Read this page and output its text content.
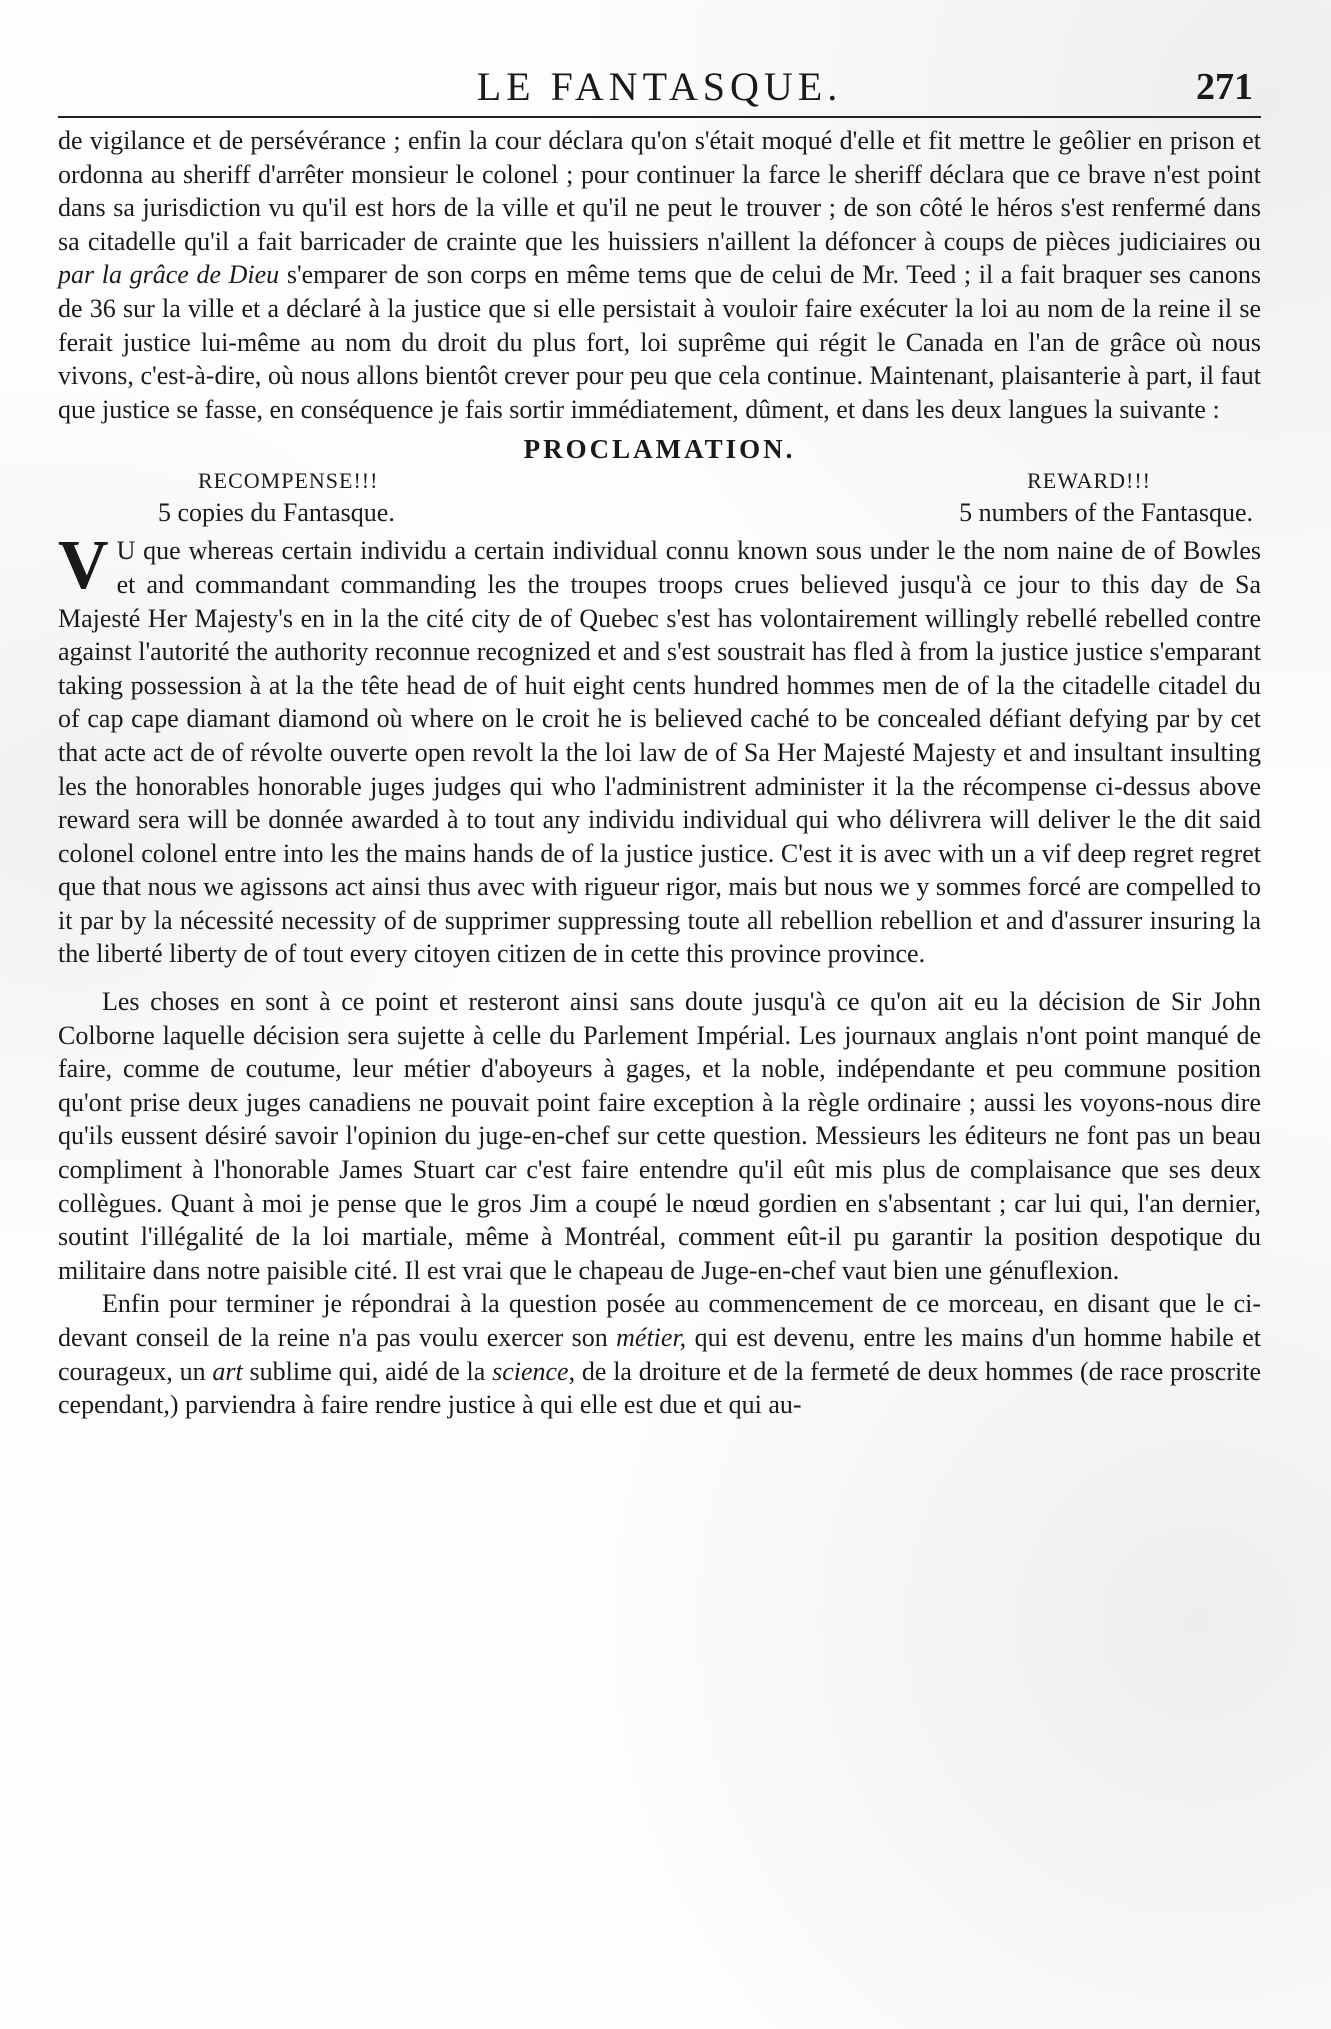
LE FANTASQUE.	271

de vigilance et de persévérance ; enfin la cour déclara qu'on s'était moqué d'elle et fit mettre le geôlier en prison et ordonna au sheriff d'arrêter monsieur le colonel ; pour continuer la farce le sheriff déclara que ce brave n'est point dans sa jurisdiction vu qu'il est hors de la ville et qu'il ne peut le trouver ; de son côté le héros s'est renfermé dans sa citadelle qu'il a fait barricader de crainte que les huissiers n'aillent la défoncer à coups de pièces judiciaires ou par la grâce de Dieu s'emparer de son corps en même tems que de celui de Mr. Teed ; il a fait braquer ses canons de 36 sur la ville et a déclaré à la justice que si elle persistait à vouloir faire exécuter la loi au nom de la reine il se ferait justice lui-même au nom du droit du plus fort, loi suprême qui régit le Canada en l'an de grâce où nous vivons, c'est-à-dire, où nous allons bientôt crever pour peu que cela continue. Maintenant, plaisanterie à part, il faut que justice se fasse, en conséquence je fais sortir immédiatement, dûment, et dans les deux langues la suivante :

PROCLAMATION.
RECOMPENSE!!!	REWARD!!!
5 copies du Fantasque.	5 numbers of the Fantasque.

V U que whereas certain individu a certain individual connu known sous under le the nom naine de of Bowles et and commandant commanding les the troupes troops crues believed jusqu'à ce jour to this day de Sa Majesté Her Majesty's en in la the cité city de of Quebec s'est has volontairement willingly rebellé rebelled contre against l'autorité the authority reconnue recognized et and s'est soustrait has fled à from la justice justice s'emparant taking possession à at la the tête head de of huit eight cents hundred hommes men de of la the citadelle citadel du of cap cape diamant diamond où where on le croit he is believed caché to be concealed défiant defying par by cet that acte act de of révolte ouverte open revolt la the loi law de of Sa Her Majesté Majesty et and insultant insulting les the honorables honorable juges judges qui who l'administrent administer it la the récompense ci-dessus above reward sera will be donnée awarded à to tout any individu individual qui who délivrera will deliver le the dit said colonel colonel entre into les the mains hands de of la justice justice. C'est it is avec with un a vif deep regret regret que that nous we agissons act ainsi thus avec with rigueur rigor, mais but nous we y sommes forcé are compelled to it par by la nécessité necessity of de supprimer suppressing toute all rebellion rebellion et and d'assurer insuring la the liberté liberty de of tout every citoyen citizen de in cette this province province.

Les choses en sont à ce point et resteront ainsi sans doute jusqu'à ce qu'on ait eu la décision de Sir John Colborne laquelle décision sera sujette à celle du Parlement Impérial. Les journaux anglais n'ont point manqué de faire, comme de coutume, leur métier d'aboyeurs à gages, et la noble, indépendante et peu commune position qu'ont prise deux juges canadiens ne pouvait point faire exception à la règle ordinaire ; aussi les voyons-nous dire qu'ils eussent désiré savoir l'opinion du juge-en-chef sur cette question. Messieurs les éditeurs ne font pas un beau compliment à l'honorable James Stuart car c'est faire entendre qu'il eût mis plus de complaisance que ses deux collègues. Quant à moi je pense que le gros Jim a coupé le nœud gordien en s'absentant ; car lui qui, l'an dernier, soutint l'illégalité de la loi martiale, même à Montréal, comment eût-il pu garantir la position despotique du militaire dans notre paisible cité. Il est vrai que le chapeau de Juge-en-chef vaut bien une génuflexion.

Enfin pour terminer je répondrai à la question posée au commencement de ce morceau, en disant que le ci-devant conseil de la reine n'a pas voulu exercer son métier, qui est devenu, entre les mains d'un homme habile et courageux, un art sublime qui, aidé de la science, de la droiture et de la fermeté de deux hommes (de race proscrite cependant,) parviendra à faire rendre justice à qui elle est due et qui au-
